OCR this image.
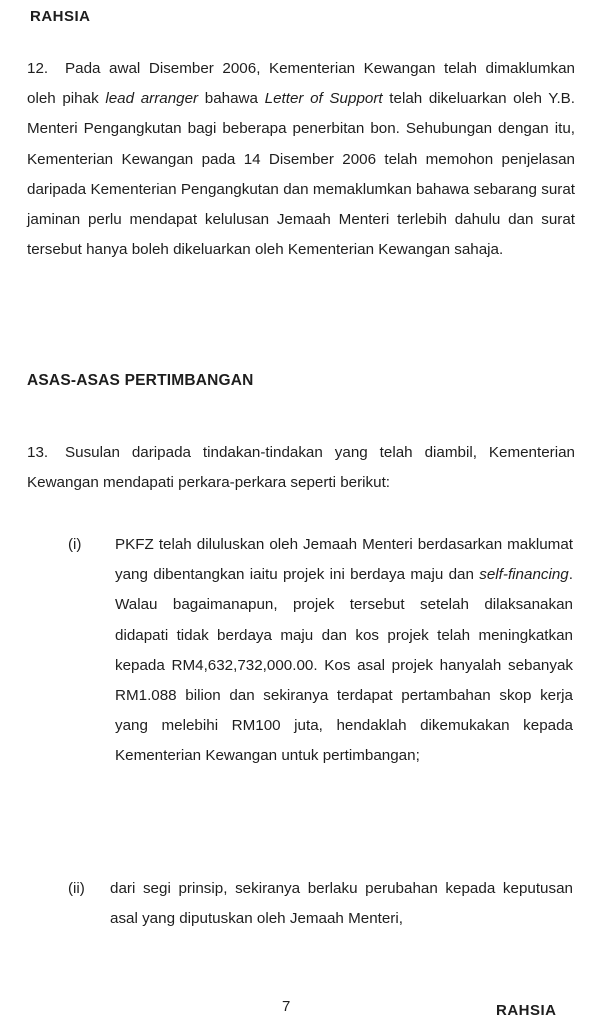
RAHSIA

12. Pada awal Disember 2006, Kementerian Kewangan telah dimaklumkan oleh pihak lead arranger bahawa Letter of Support telah dikeluarkan oleh Y.B. Menteri Pengangkutan bagi beberapa penerbitan bon. Sehubungan dengan itu, Kementerian Kewangan pada 14 Disember 2006 telah memohon penjelasan daripada Kementerian Pengangkutan dan memaklumkan bahawa sebarang surat jaminan perlu mendapat kelulusan Jemaah Menteri terlebih dahulu dan surat tersebut hanya boleh dikeluarkan oleh Kementerian Kewangan sahaja.

ASAS-ASAS PERTIMBANGAN

13. Susulan daripada tindakan-tindakan yang telah diambil, Kementerian Kewangan mendapati perkara-perkara seperti berikut:

(i) PKFZ telah diluluskan oleh Jemaah Menteri berdasarkan maklumat yang dibentangkan iaitu projek ini berdaya maju dan self-financing. Walau bagaimanapun, projek tersebut setelah dilaksanakan didapati tidak berdaya maju dan kos projek telah meningkatkan kepada RM4,632,732,000.00. Kos asal projek hanyalah sebanyak RM1.088 bilion dan sekiranya terdapat pertambahan skop kerja yang melebihi RM100 juta, hendaklah dikemukakan kepada Kementerian Kewangan untuk pertimbangan;
(ii) dari segi prinsip, sekiranya berlaku perubahan kepada keputusan asal yang diputuskan oleh Jemaah Menteri,
7	RAHSIA
